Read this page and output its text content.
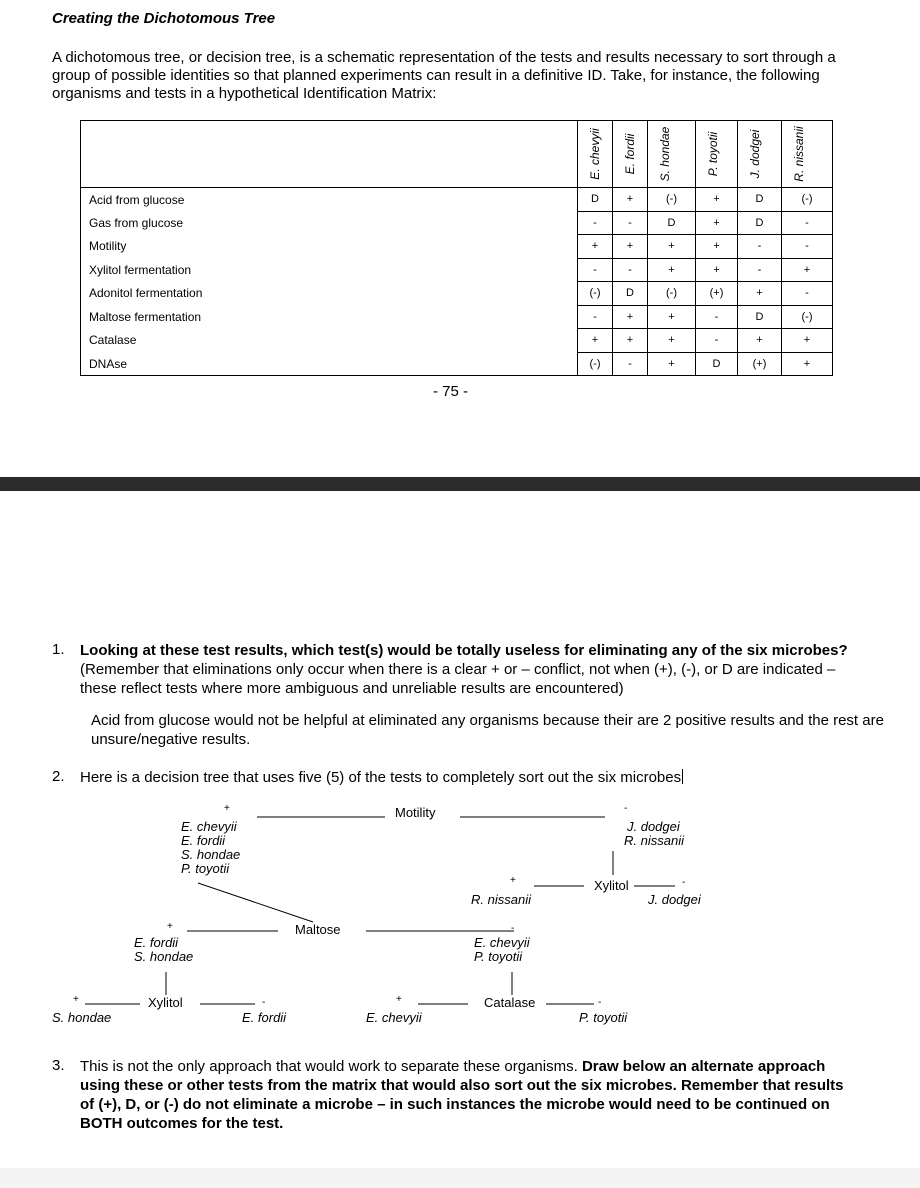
Creating the Dichotomous Tree

A dichotomous tree, or decision tree, is a schematic representation of the tests and results necessary to sort through a group of possible identities so that planned experiments can result in a definitive ID. Take, for instance, the following organisms and tests in a hypothetical Identification Matrix:

	E. chevyii	E. fordii	S. hondae	P. toyotii	J. dodgei	R. nissanii

Acid from glucose	D	+	(-)	+	D	(-)
Gas from glucose	-	-	D	+	D	-
Motility	+	+	+	+	-	-
Xylitol fermentation	-	-	+	+	-	+
Adonitol fermentation	(-)	D	(-)	(+)	+	-
Maltose fermentation	-	+	+	-	D	(-)
Catalase	+	+	+	-	+	+
DNAse	(-)	-	+	D	(+)	+
- 75 -
1. Looking at these test results, which test(s) would be totally useless for eliminating any of the six microbes? (Remember that eliminations only occur when there is a clear + or – conflict, not when (+), (-), or D are indicated – these reflect tests where more ambiguous and unreliable results are encountered)
Acid from glucose would not be helpful at eliminated any organisms because their are 2 positive results and the rest are unsure/negative results.
2. Here is a decision tree that uses five (5) of the tests to completely sort out the six microbes
Motility
+	-
E. chevyii
E. fordii
S. hondae
P. toyotii
J. dodgei
R. nissanii
Xylitol
+	-
R. nissanii	J. dodgei
Maltose
+	-
E. fordii
S. hondae
E. chevyii
P. toyotii
Xylitol
+	-
S. hondae	E. fordii
Catalase
+	-
E. chevyii	P. toyotii
3. This is not the only approach that would work to separate these organisms. Draw below an alternate approach using these or other tests from the matrix that would also sort out the six microbes. Remember that results of (+), D, or (-) do not eliminate a microbe – in such instances the microbe would need to be continued on BOTH outcomes for the test.
